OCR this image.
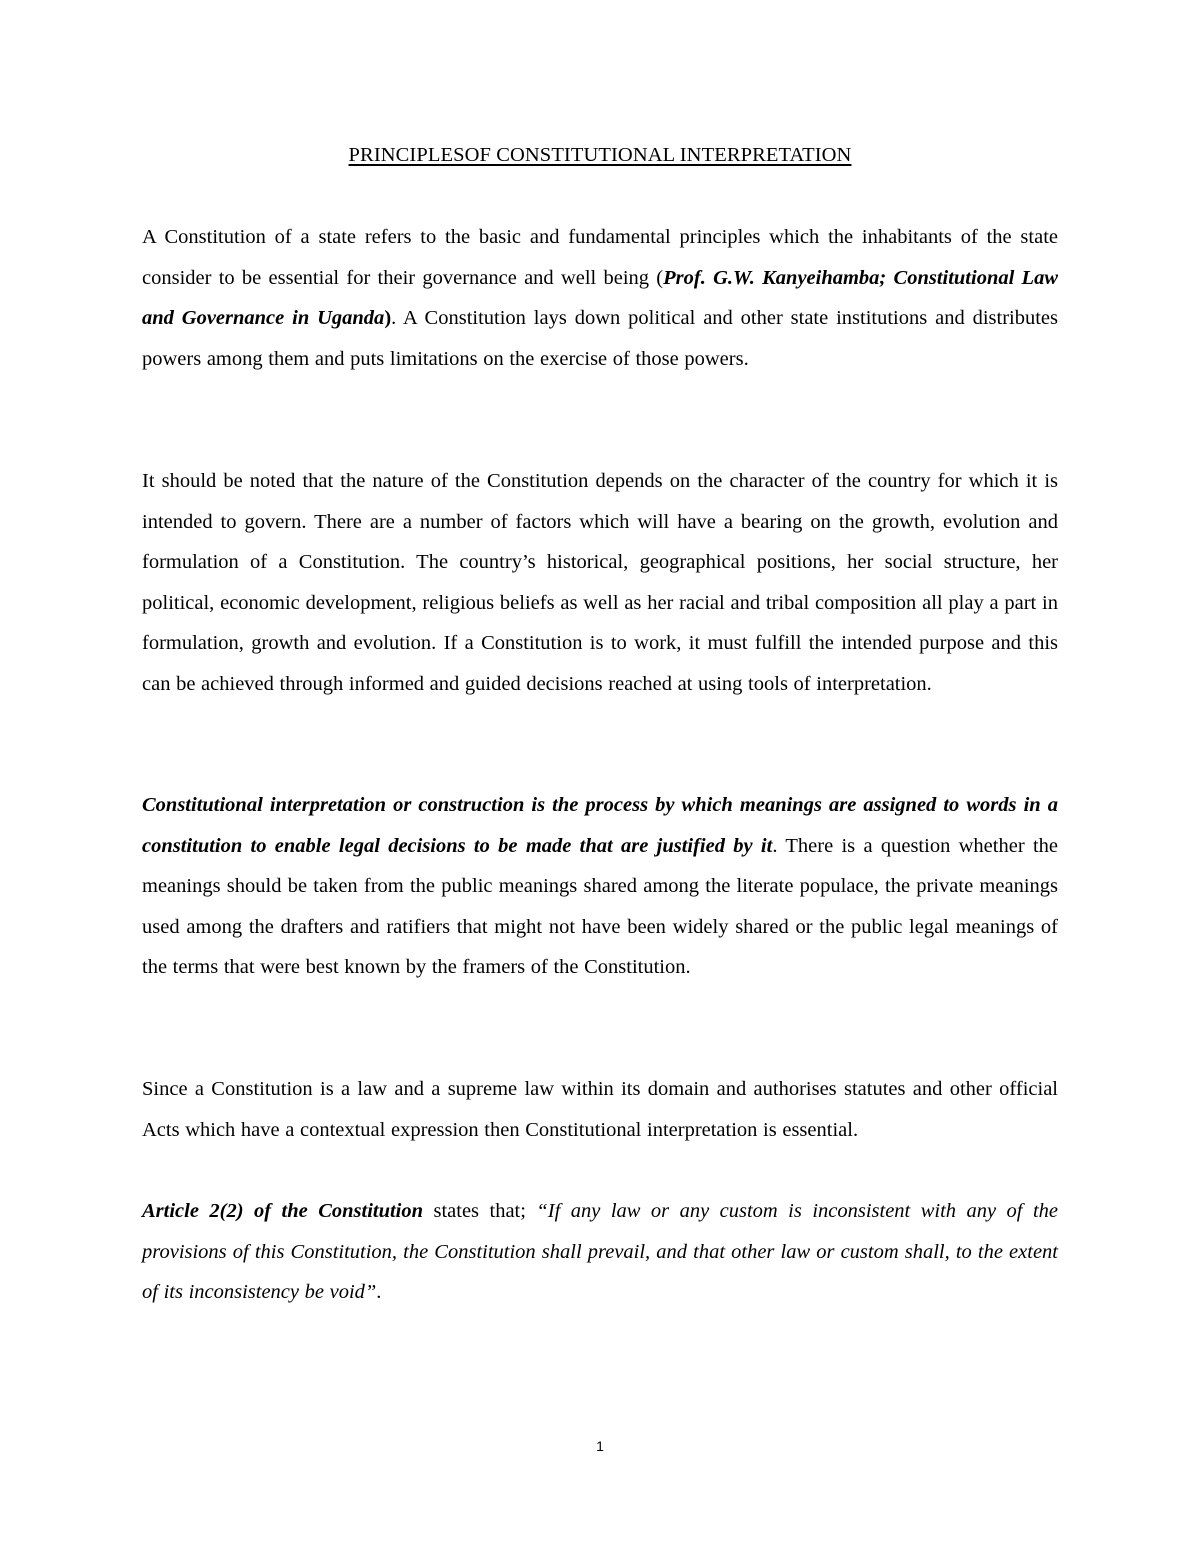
PRINCIPLESOF CONSTITUTIONAL INTERPRETATION

A Constitution of a state refers to the basic and fundamental principles which the inhabitants of the state consider to be essential for their governance and well being (Prof. G.W. Kanyeihamba; Constitutional Law and Governance in Uganda). A Constitution lays down political and other state institutions and distributes powers among them and puts limitations on the exercise of those powers.

It should be noted that the nature of the Constitution depends on the character of the country for which it is intended to govern. There are a number of factors which will have a bearing on the growth, evolution and formulation of a Constitution. The country’s historical, geographical positions, her social structure, her political, economic development, religious beliefs as well as her racial and tribal composition all play a part in formulation, growth and evolution. If a Constitution is to work, it must fulfill the intended purpose and this can be achieved through informed and guided decisions reached at using tools of interpretation.

Constitutional interpretation or construction is the process by which meanings are assigned to words in a constitution to enable legal decisions to be made that are justified by it. There is a question whether the meanings should be taken from the public meanings shared among the literate populace, the private meanings used among the drafters and ratifiers that might not have been widely shared or the public legal meanings of the terms that were best known by the framers of the Constitution.

Since a Constitution is a law and a supreme law within its domain and authorises statutes and other official Acts which have a contextual expression then Constitutional interpretation is essential.

Article 2(2) of the Constitution states that; “If any law or any custom is inconsistent with any of the provisions of this Constitution, the Constitution shall prevail, and that other law or custom shall, to the extent of its inconsistency be void”.

1
